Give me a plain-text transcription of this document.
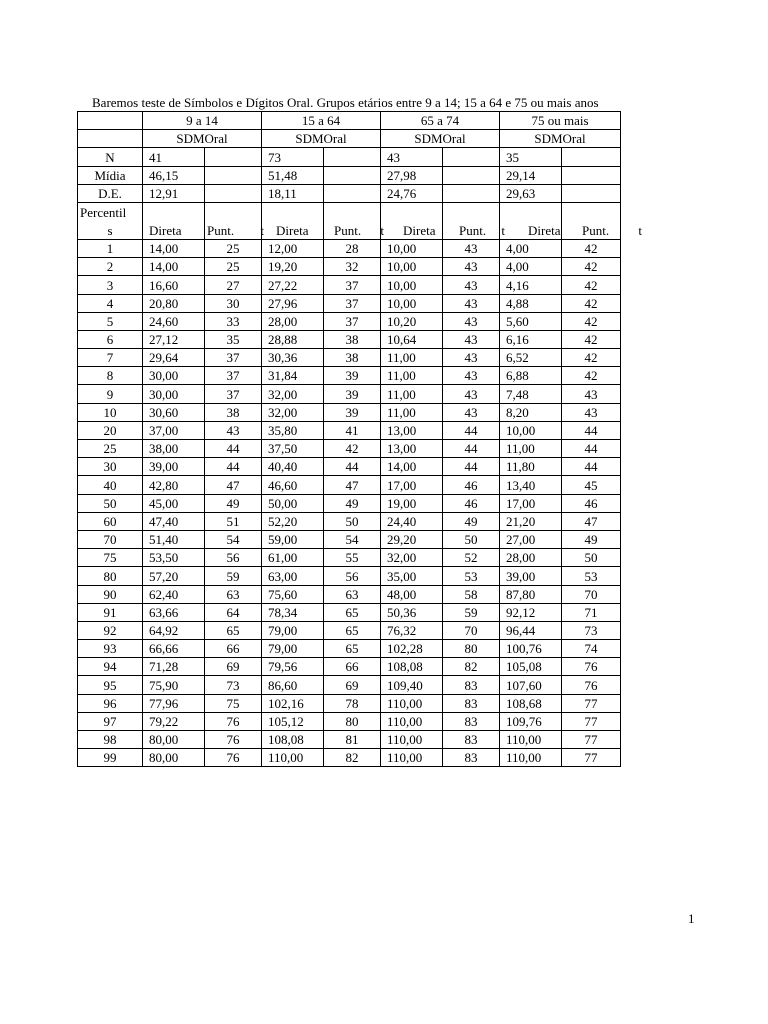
Baremos teste de Símbolos e Dígitos Oral. Grupos etários entre 9 a 14; 15 a 64 e 75 ou mais anos
	9 a 14		15 a 64		65 a 74		75 ou mais	
	SDMOral		SDMOral		SDMOral		SDMOral	
N	41		73		43		35	
Mídia	46,15		51,48		27,98		29,14	
D.E.	12,91		18,11		24,76		29,63	

Percentil
s	Direta	Punt. t	Direta	Punt. t	Direta	Punt. t	Direta	Punt. t

1	14,00	25	12,00	28	10,00	43	4,00	42
2	14,00	25	19,20	32	10,00	43	4,00	42
3	16,60	27	27,22	37	10,00	43	4,16	42
4	20,80	30	27,96	37	10,00	43	4,88	42
5	24,60	33	28,00	37	10,20	43	5,60	42
6	27,12	35	28,88	38	10,64	43	6,16	42
7	29,64	37	30,36	38	11,00	43	6,52	42
8	30,00	37	31,84	39	11,00	43	6,88	42
9	30,00	37	32,00	39	11,00	43	7,48	43
10	30,60	38	32,00	39	11,00	43	8,20	43
20	37,00	43	35,80	41	13,00	44	10,00	44
25	38,00	44	37,50	42	13,00	44	11,00	44
30	39,00	44	40,40	44	14,00	44	11,80	44
40	42,80	47	46,60	47	17,00	46	13,40	45
50	45,00	49	50,00	49	19,00	46	17,00	46
60	47,40	51	52,20	50	24,40	49	21,20	47
70	51,40	54	59,00	54	29,20	50	27,00	49
75	53,50	56	61,00	55	32,00	52	28,00	50
80	57,20	59	63,00	56	35,00	53	39,00	53
90	62,40	63	75,60	63	48,00	58	87,80	70
91	63,66	64	78,34	65	50,36	59	92,12	71
92	64,92	65	79,00	65	76,32	70	96,44	73
93	66,66	66	79,00	65	102,28	80	100,76	74
94	71,28	69	79,56	66	108,08	82	105,08	76
95	75,90	73	86,60	69	109,40	83	107,60	76
96	77,96	75	102,16	78	110,00	83	108,68	77
97	79,22	76	105,12	80	110,00	83	109,76	77
98	80,00	76	108,08	81	110,00	83	110,00	77
99	80,00	76	110,00	82	110,00	83	110,00	77
1
